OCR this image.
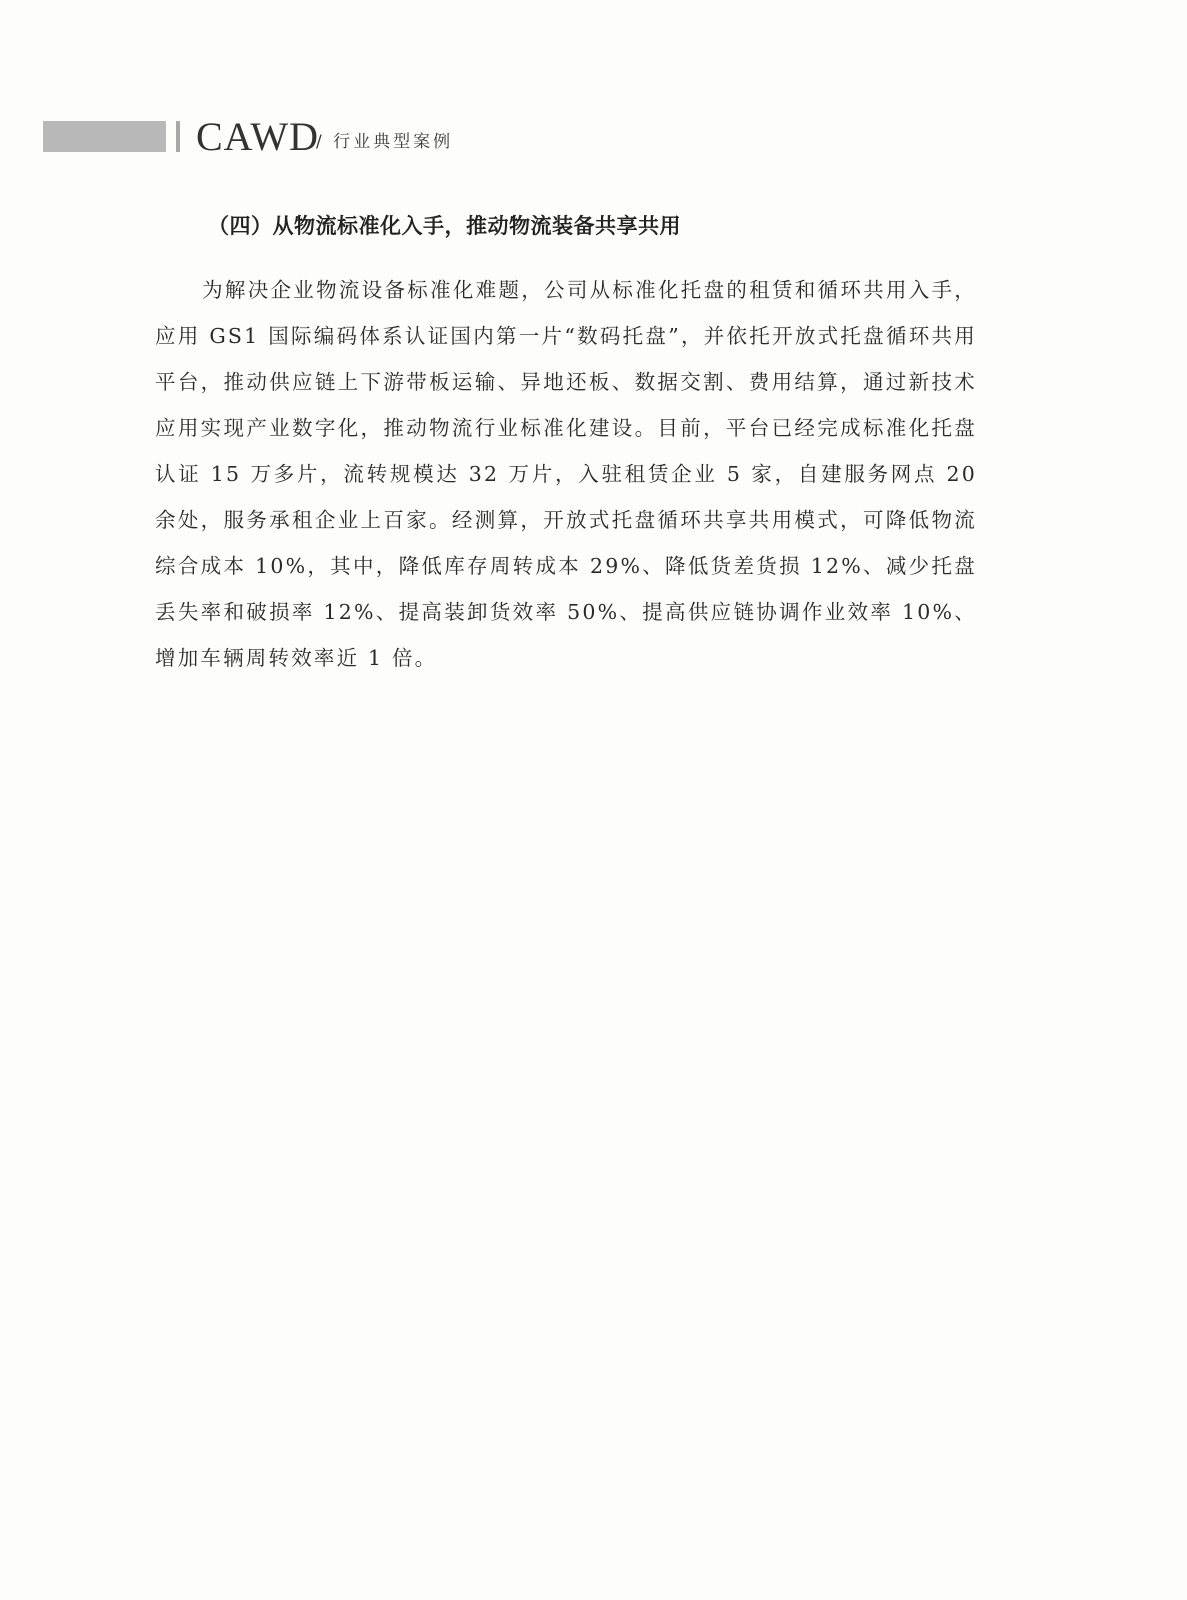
CAWD
/ 行业典型案例
（四）从物流标准化入手，推动物流装备共享共用
为解决企业物流设备标准化难题，公司从标准化托盘的租赁和循环共用入手，应用 GS1 国际编码体系认证国内第一片“数码托盘”，并依托开放式托盘循环共用平台，推动供应链上下游带板运输、异地还板、数据交割、费用结算，通过新技术应用实现产业数字化，推动物流行业标准化建设。目前，平台已经完成标准化托盘认证 15 万多片，流转规模达 32 万片，入驻租赁企业 5 家，自建服务网点 20 余处，服务承租企业上百家。经测算，开放式托盘循环共享共用模式，可降低物流综合成本 10%，其中，降低库存周转成本 29%、降低货差货损 12%、减少托盘丢失率和破损率 12%、提高装卸货效率 50%、提高供应链协调作业效率 10%、增加车辆周转效率近 1 倍。
